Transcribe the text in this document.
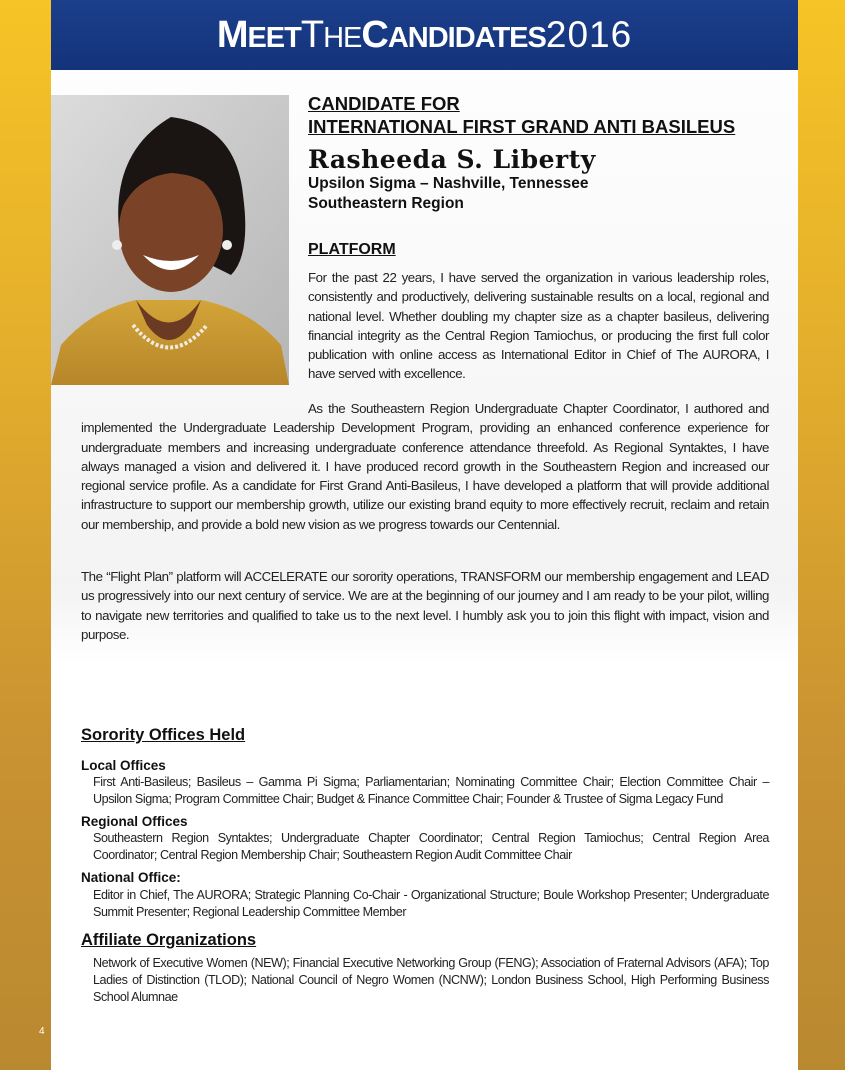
MEETTHECANDIDATES2016
CANDIDATE FOR
INTERNATIONAL FIRST GRAND ANTI BASILEUS
Rasheeda S. Liberty
Upsilon Sigma – Nashville, Tennessee
Southeastern Region
PLATFORM

For the past 22 years, I have served the organization in various leadership roles, consistently and productively, delivering sustainable results on a local, regional and national level. Whether doubling my chapter size as a chapter basileus, delivering financial integrity as the Central Region Tamiochus, or producing the first full color publication with online access as International Editor in Chief of The AURORA, I have served with excellence.

As the Southeastern Region Undergraduate Chapter Coordinator, I authored and implemented the Undergraduate Leadership Development Program, providing an enhanced conference experience for undergraduate members and increasing undergraduate conference attendance threefold. As Regional Syntaktes, I have always managed a vision and delivered it. I have produced record growth in the Southeastern Region and increased our regional service profile. As a candidate for First Grand Anti-Basileus, I have developed a platform that will provide additional infrastructure to support our membership growth, utilize our existing brand equity to more effectively recruit, reclaim and retain our membership, and provide a bold new vision as we progress towards our Centennial.

The “Flight Plan” platform will ACCELERATE our sorority operations, TRANSFORM our membership engagement and LEAD us progressively into our next century of service. We are at the beginning of our journey and I am ready to be your pilot, willing to navigate new territories and qualified to take us to the next level. I humbly ask you to join this flight with impact, vision and purpose.

Sorority Offices Held
Local Offices

First Anti-Basileus; Basileus – Gamma Pi Sigma; Parliamentarian; Nominating Committee Chair; Election Committee Chair – Upsilon Sigma; Program Committee Chair; Budget & Finance Committee Chair; Founder & Trustee of Sigma Legacy Fund

Regional Offices

Southeastern Region Syntaktes; Undergraduate Chapter Coordinator; Central Region Tamiochus; Central Region Area Coordinator; Central Region Membership Chair; Southeastern Region Audit Committee Chair

National Office:

Editor in Chief, The AURORA; Strategic Planning Co-Chair - Organizational Structure; Boule Workshop Presenter; Undergraduate Summit Presenter; Regional Leadership Committee Member

Affiliate Organizations

Network of Executive Women (NEW); Financial Executive Networking Group (FENG); Association of Fraternal Advisors (AFA); Top Ladies of Distinction (TLOD); National Council of Negro Women (NCNW); London Business School, High Performing Business School Alumnae

4
